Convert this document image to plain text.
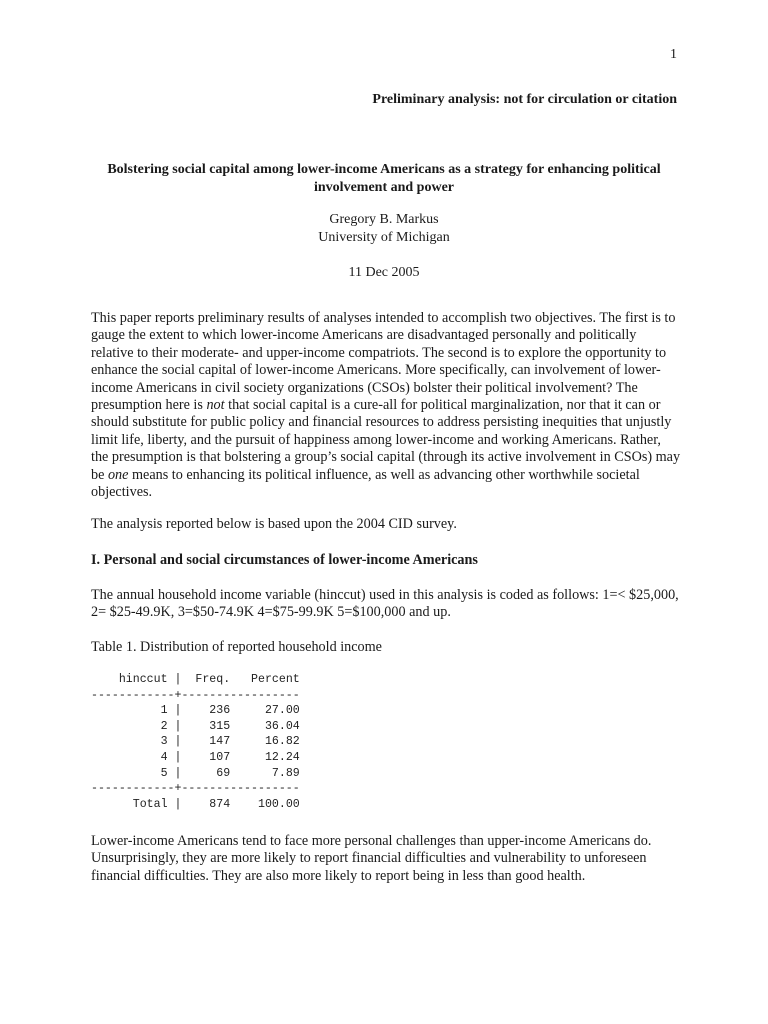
1
Preliminary analysis: not for circulation or citation
Bolstering social capital among lower-income Americans as a strategy for enhancing political involvement and power
Gregory B. Markus
University of Michigan
11 Dec 2005

This paper reports preliminary results of analyses intended to accomplish two objectives. The first is to gauge the extent to which lower-income Americans are disadvantaged personally and politically relative to their moderate- and upper-income compatriots. The second is to explore the opportunity to enhance the social capital of lower-income Americans. More specifically, can involvement of lower-income Americans in civil society organizations (CSOs) bolster their political involvement? The presumption here is not that social capital is a cure-all for political marginalization, nor that it can or should substitute for public policy and financial resources to address persisting inequities that unjustly limit life, liberty, and the pursuit of happiness among lower-income and working Americans. Rather, the presumption is that bolstering a group’s social capital (through its active involvement in CSOs) may be one means to enhancing its political influence, as well as advancing other worthwhile societal objectives.

The analysis reported below is based upon the 2004 CID survey.

I. Personal and social circumstances of lower-income Americans

The annual household income variable (hinccut) used in this analysis is coded as follows: 1=< $25,000, 2= $25-49.9K, 3=$50-74.9K 4=$75-99.9K 5=$100,000 and up.

Table 1. Distribution of reported household income
hinccut |  Freq. Percent
------------+-----------------
1 |    236     27.00
2 |    315     36.04
3 |    147     16.82
4 |    107     12.24
5 |     69      7.89
------------+-----------------
Total |    874    100.00

Lower-income Americans tend to face more personal challenges than upper-income Americans do. Unsurprisingly, they are more likely to report financial difficulties and vulnerability to unforeseen financial difficulties. They are also more likely to report being in less than good health.
